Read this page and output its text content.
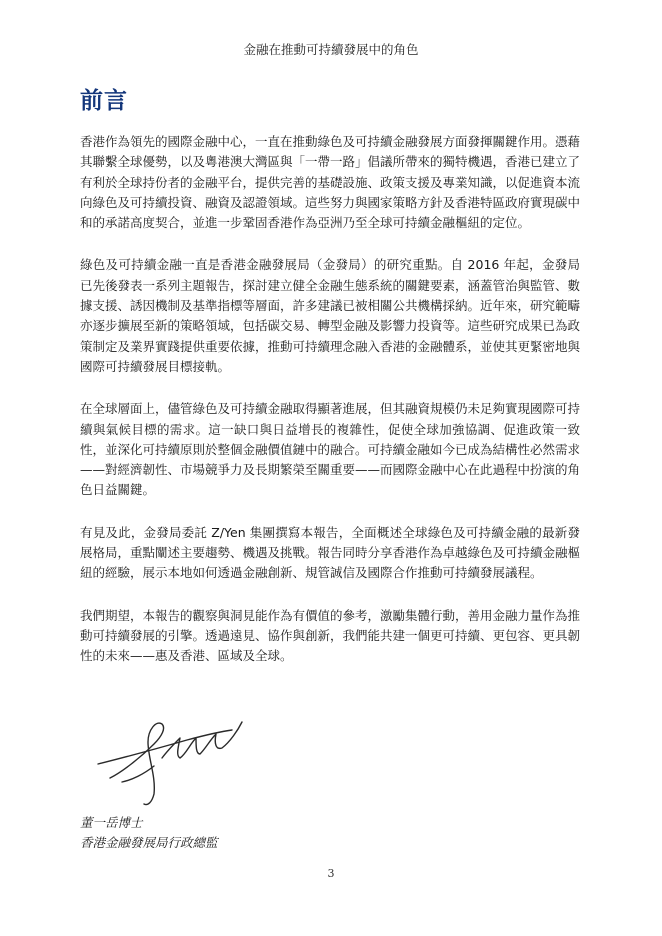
金融在推動可持續發展中的角色
前言

香港作為領先的國際金融中心，一直在推動綠色及可持續金融發展方面發揮關鍵作用。憑藉其聯繫全球優勢，以及粵港澳大灣區與「一帶一路」倡議所帶來的獨特機遇，香港已建立了有利於全球持份者的金融平台，提供完善的基礎設施、政策支援及專業知識，以促進資本流向綠色及可持續投資、融資及認證領域。這些努力與國家策略方針及香港特區政府實現碳中和的承諾高度契合，並進一步鞏固香港作為亞洲乃至全球可持續金融樞紐的定位。

綠色及可持續金融一直是香港金融發展局（金發局）的研究重點。自 2016 年起，金發局已先後發表一系列主題報告，探討建立健全金融生態系統的關鍵要素，涵蓋管治與監管、數據支援、誘因機制及基準指標等層面，許多建議已被相關公共機構採納。近年來，研究範疇亦逐步擴展至新的策略領域，包括碳交易、轉型金融及影響力投資等。這些研究成果已為政策制定及業界實踐提供重要依據，推動可持續理念融入香港的金融體系，並使其更緊密地與國際可持續發展目標接軌。

在全球層面上，儘管綠色及可持續金融取得顯著進展，但其融資規模仍未足夠實現國際可持續與氣候目標的需求。這一缺口與日益增長的複雜性，促使全球加強協調、促進政策一致性，並深化可持續原則於整個金融價值鏈中的融合。可持續金融如今已成為結構性必然需求——對經濟韌性、市場競爭力及長期繁榮至關重要——而國際金融中心在此過程中扮演的角色日益關鍵。

有見及此，金發局委託 Z/Yen 集團撰寫本報告，全面概述全球綠色及可持續金融的最新發展格局，重點闡述主要趨勢、機遇及挑戰。報告同時分享香港作為卓越綠色及可持續金融樞紐的經驗，展示本地如何透過金融創新、規管誠信及國際合作推動可持續發展議程。

我們期望，本報告的觀察與洞見能作為有價值的參考，激勵集體行動，善用金融力量作為推動可持續發展的引擎。透過遠見、協作與創新，我們能共建一個更可持續、更包容、更具韌性的未來——惠及香港、區域及全球。

董一岳博士
香港金融發展局行政總監
3
